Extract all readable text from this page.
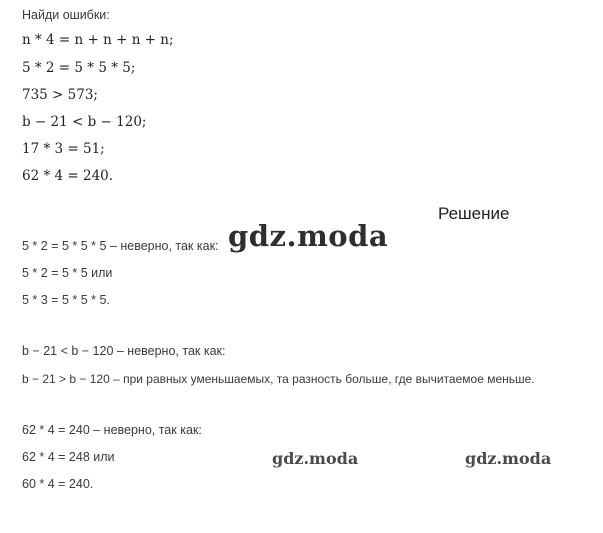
Найди ошибки:
n * 4 = n + n + n + n;
5 * 2 = 5 * 5 * 5;
735 > 573;
b − 21 < b − 120;
17 * 3 = 51;
62 * 4 = 240.
Решение
5 * 2 = 5 * 5 * 5 – неверно, так как:
5 * 2 = 5 * 5 или
5 * 3 = 5 * 5 * 5.
b − 21 < b − 120 – неверно, так как:
b − 21 > b − 120 – при равных уменьшаемых, та разность больше, где вычитаемое меньше.
62 * 4 = 240 – неверно, так как:
62 * 4 = 248 или
60 * 4 = 240.
gdz.moda
gdz.moda	gdz.moda
